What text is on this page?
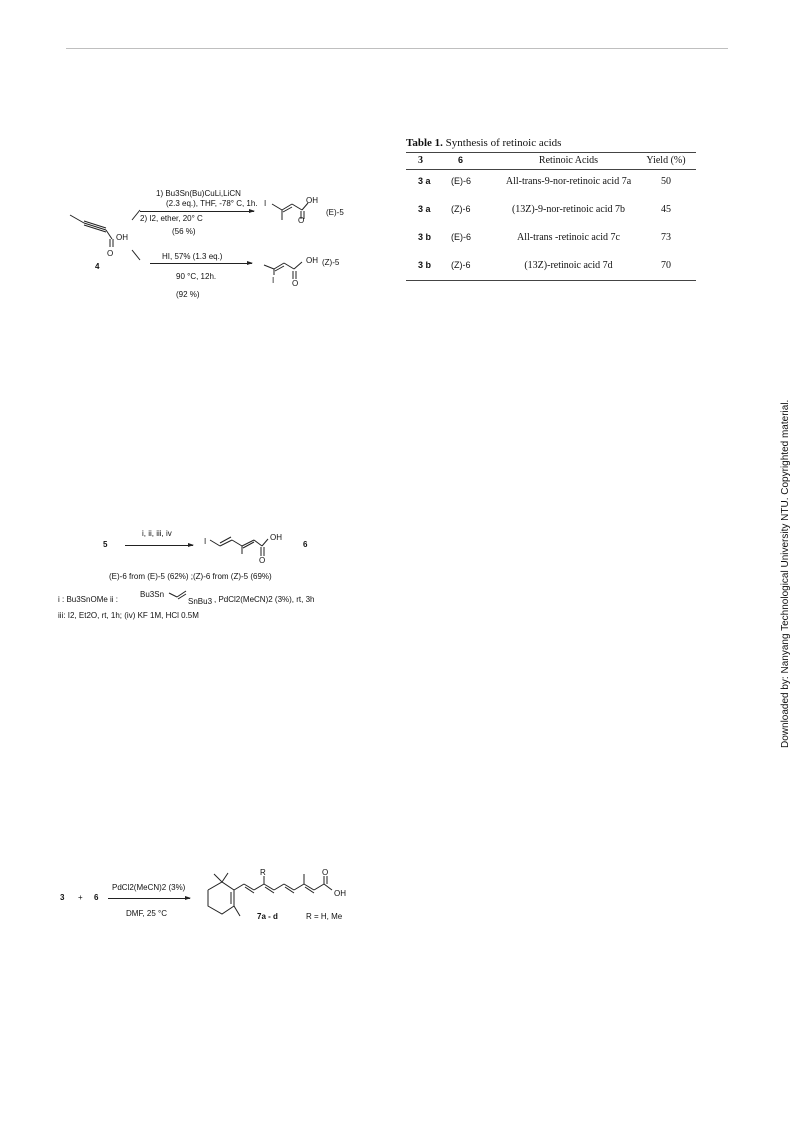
OH
O
4
1) Bu3Sn(Bu)CuLi,LiCN
(2.3 eq.), THF, -78° C, 1h.
2) I2, ether, 20° C
(56 %)
I	OH
O
(E)-5
HI, 57% (1.3 eq.)
90 °C, 12h.
(92 %)
I
OH
O
(Z)-5
Table 1. Synthesis of retinoic acids
3	6	Retinoic Acids	Yield (%)
3 a (E)-6	All-trans-9-nor-retinoic acid 7a	50
3 a (Z)-6	(13Z)-9-nor-retinoic acid 7b	45
3 b (E)-6	All-trans -retinoic acid 7c	73
3 b (Z)-6	(13Z)-retinoic acid 7d	70
5
i, ii, iii, iv
I	OH
O
6
(E)-6 from (E)-5 (62%) ;(Z)-6 from (Z)-5 (69%)
i : Bu3SnOMe ii :
Bu3Sn
SnBu3 , PdCl2(MeCN)2 (3%), rt, 3h
iii: I2, Et2O, rt, 1h; (iv) KF 1M, HCl 0.5M
3 + 6
PdCl2(MeCN)2 (3%)
DMF, 25 °C
R	O
OH
7a - d	R = H, Me
Downloaded by: Nanyang Technological University NTU. Copyrighted material.
